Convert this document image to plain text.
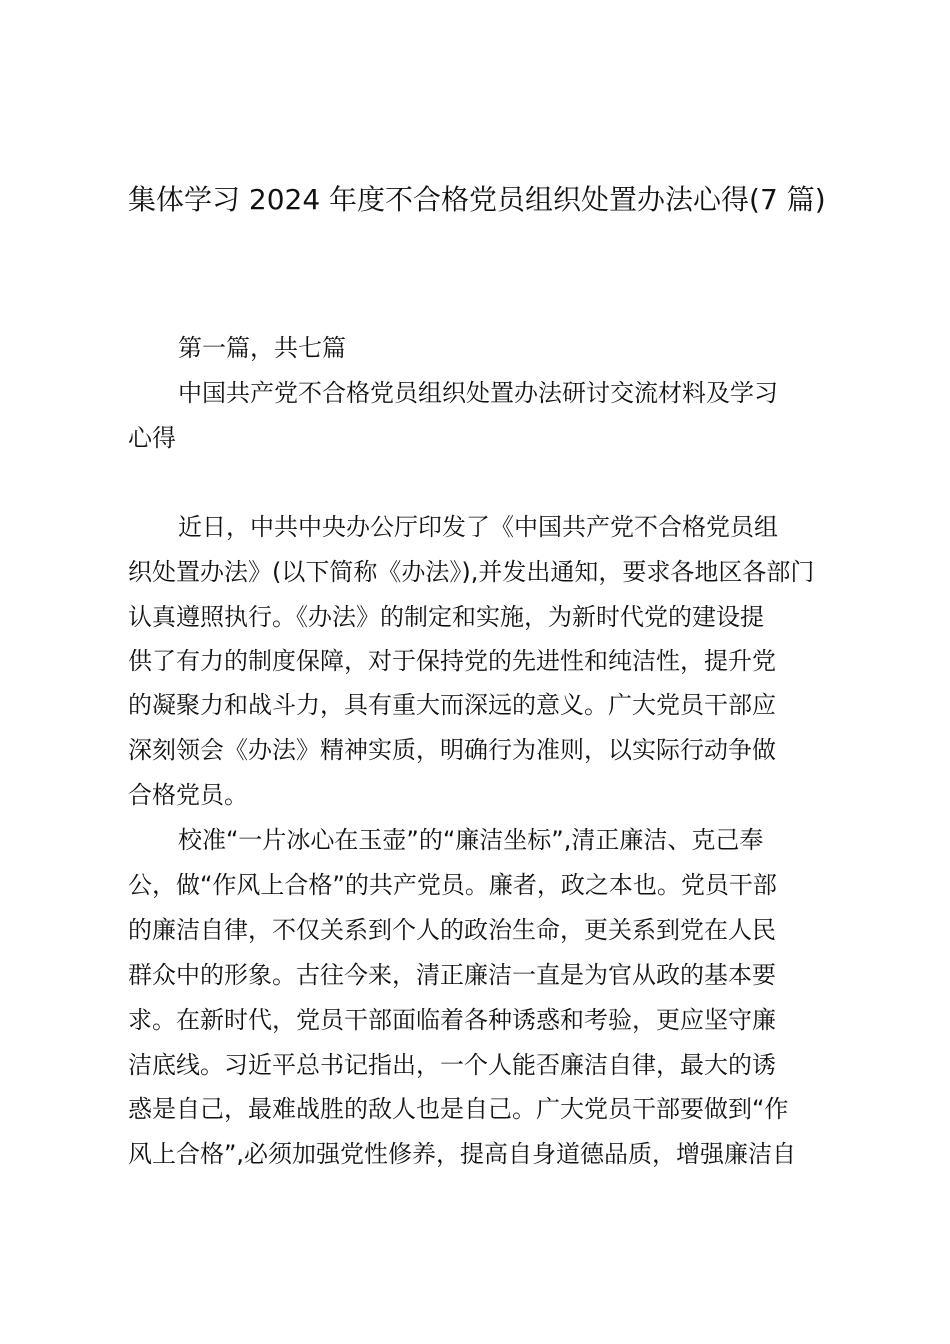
集体学习 2024 年度不合格党员组织处置办法心得(7 篇)
第一篇，共七篇
中国共产党不合格党员组织处置办法研讨交流材料及学习
心得
近日，中共中央办公厅印发了《中国共产党不合格党员组
织处置办法》(以下简称《办法》),并发出通知，要求各地区各部门
认真遵照执行。《办法》的制定和实施，为新时代党的建设提
供了有力的制度保障，对于保持党的先进性和纯洁性，提升党
的凝聚力和战斗力，具有重大而深远的意义。广大党员干部应
深刻领会《办法》精神实质，明确行为准则，以实际行动争做
合格党员。
校准“一片冰心在玉壶”的“廉洁坐标”,清正廉洁、克己奉
公，做“作风上合格”的共产党员。廉者，政之本也。党员干部
的廉洁自律，不仅关系到个人的政治生命，更关系到党在人民
群众中的形象。古往今来，清正廉洁一直是为官从政的基本要
求。在新时代，党员干部面临着各种诱惑和考验，更应坚守廉
洁底线。习近平总书记指出，一个人能否廉洁自律，最大的诱
惑是自己，最难战胜的敌人也是自己。广大党员干部要做到“作
风上合格”,必须加强党性修养，提高自身道德品质，增强廉洁自
